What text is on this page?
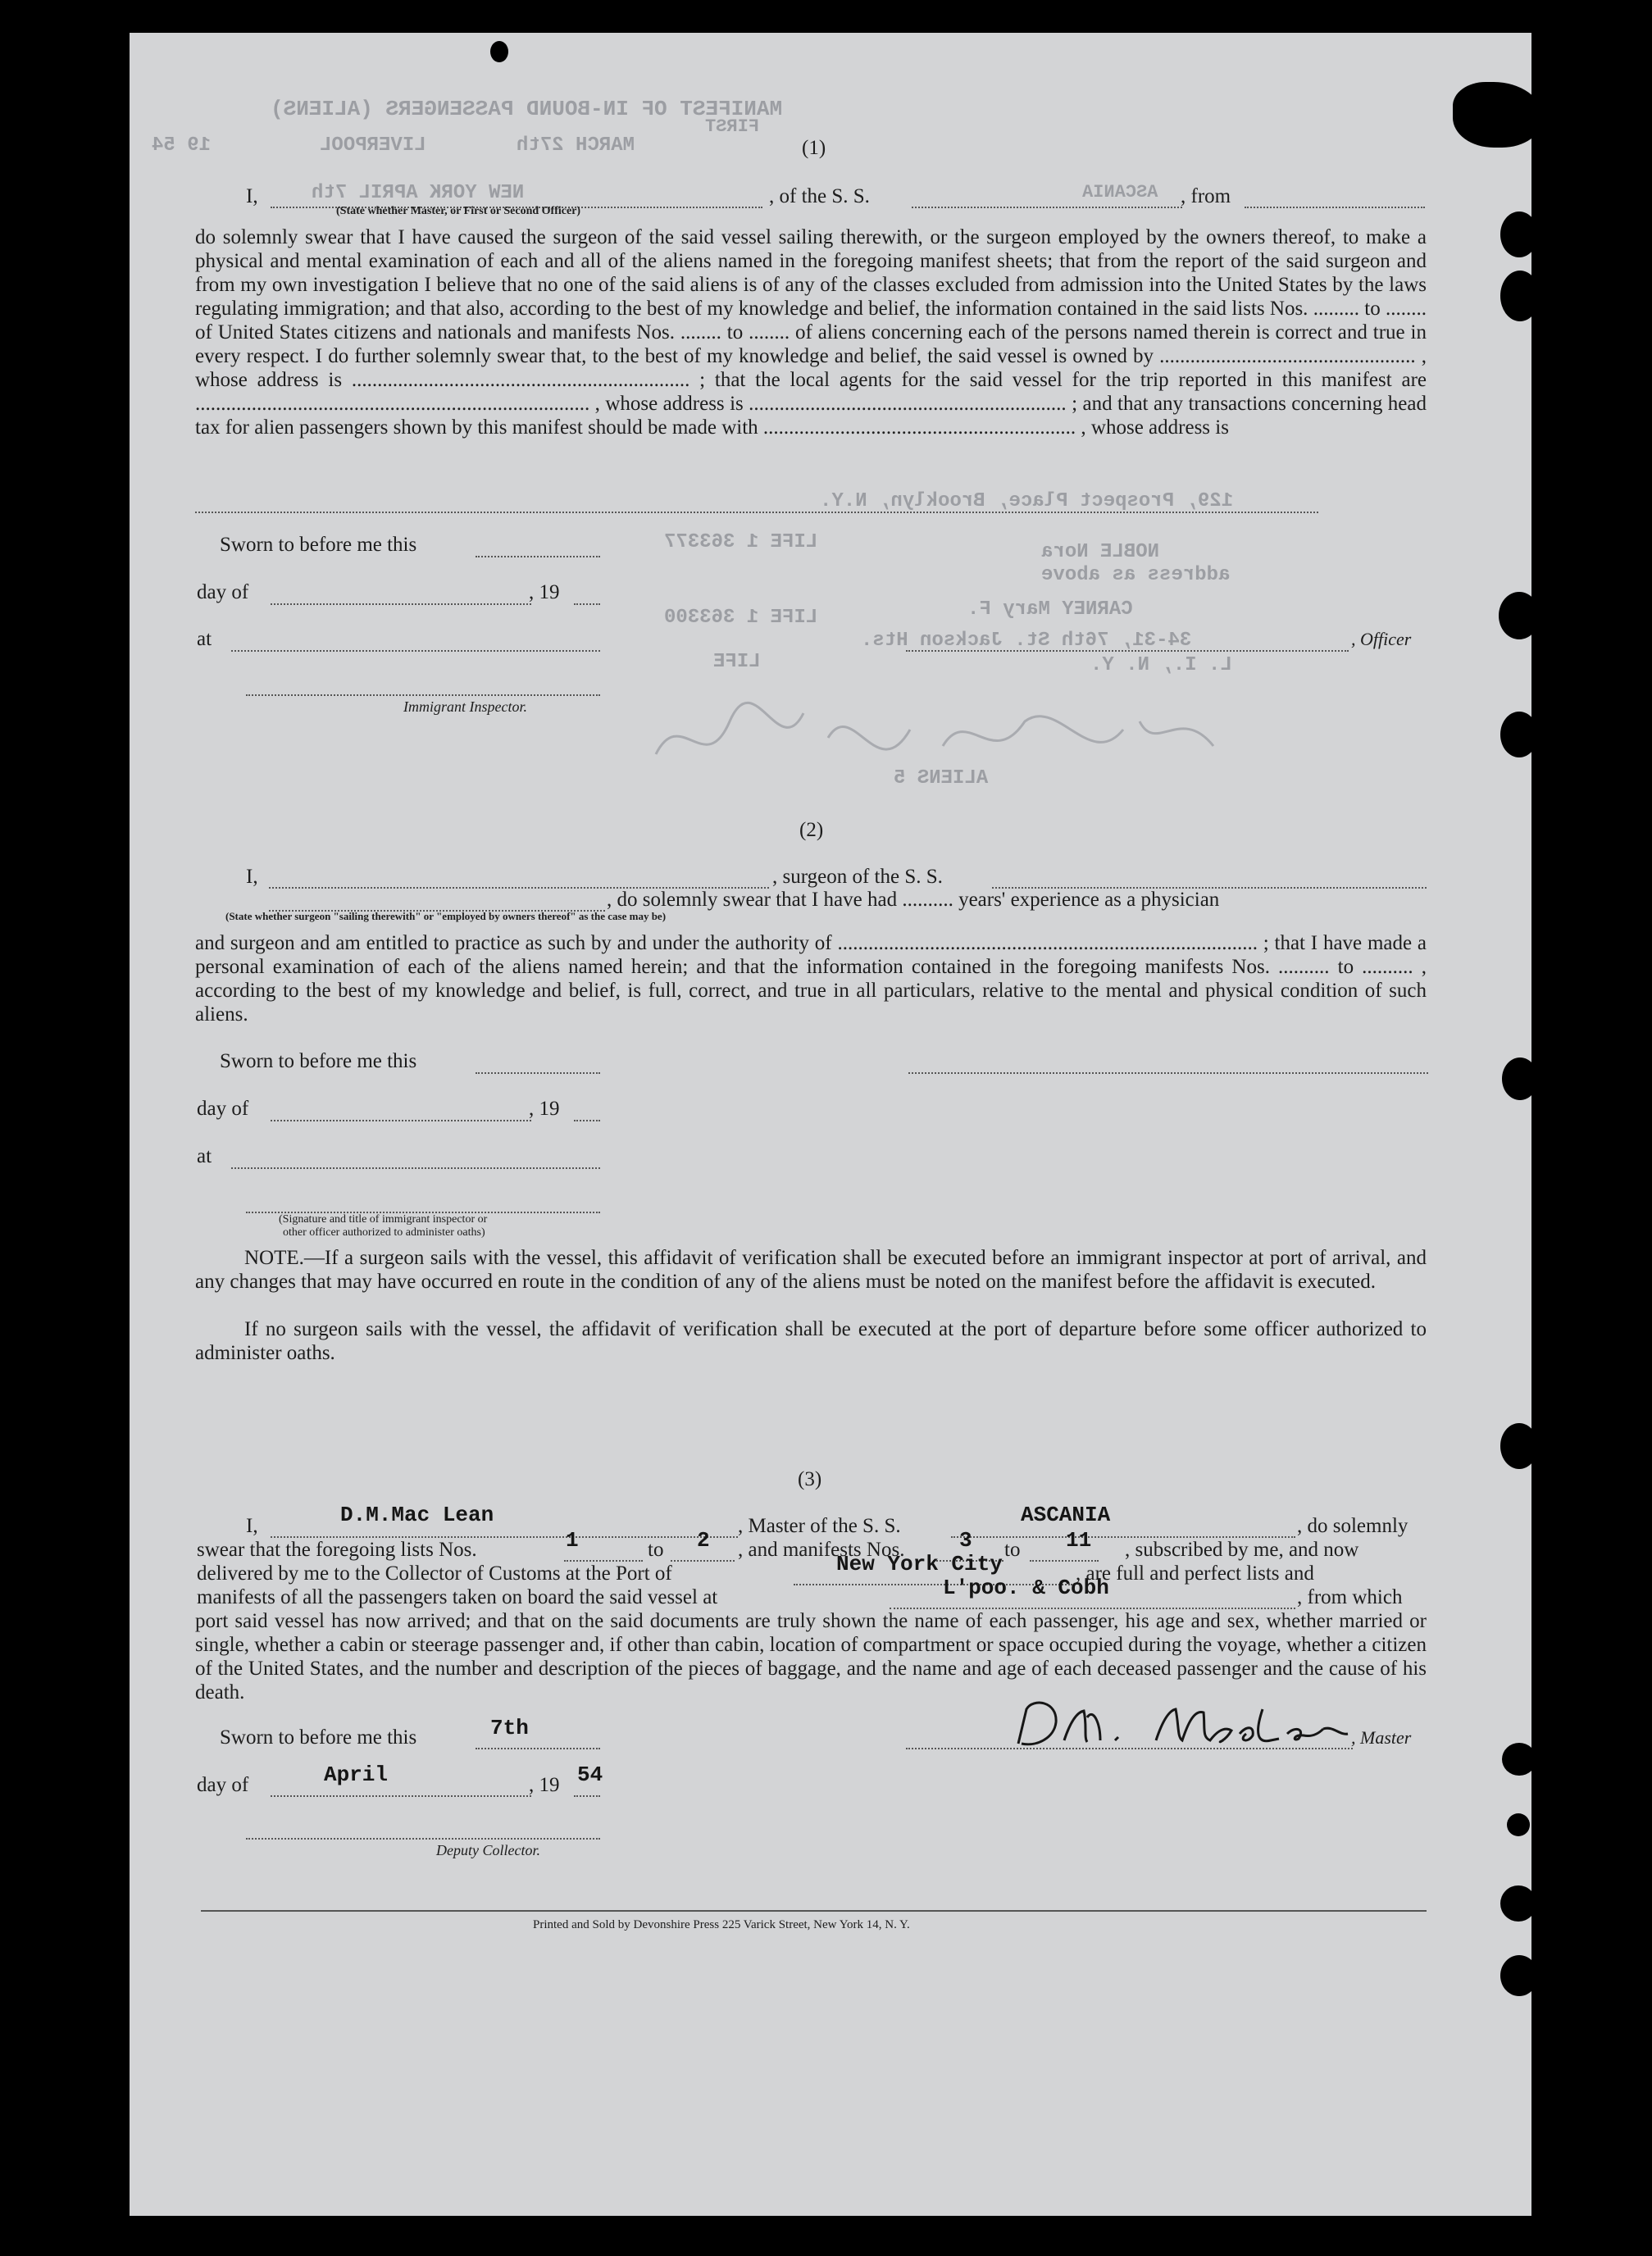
MANIFEST OF IN-BOUND PASSENGERS (ALIENS)
FIRST
LIVERPOOL	MARCH 27th
19 54	(1)
I,	NEW YORK APRIL 7th	, of the S. S.	ASCANIA , from
(State whether Master, or First or Second Officer)
do solemnly swear that I have caused the surgeon of the said vessel sailing therewith, or the surgeon employed by the owners thereof, to make a physical and mental examination of each and all of the aliens named in the foregoing manifest sheets; that from the report of the said surgeon and from my own investigation I believe that no one of the said aliens is of any of the classes excluded from admission into the United States by the laws regulating immigration; and that also, according to the best of my knowledge and belief, the information contained in the said lists Nos. ......... to ........ of United States citizens and nationals and manifests Nos. ........ to ........ of aliens concerning each of the persons named therein is correct and true in every respect. I do further solemnly swear that, to the best of my knowledge and belief, the said vessel is owned by .................................................. , whose address is .................................................................. ; that the local agents for the said vessel for the trip reported in this manifest are ............................................................................. , whose address is .............................................................. ; and that any transactions concerning head tax for alien passengers shown by this manifest should be made with ............................................................. , whose address is
129, Prospect Place, Brooklyn, N.Y.
LIFE 1 363377	NOBLE Nora
address as above
LIFE 1 363300	CARNEY Mary F.
34-31, 76th St. Jackson Hts.
L. I., N. Y.
LIFE
ALIENS 5
Sworn to before me this
day of	, 19
at	, Officer
Immigrant Inspector.
(2)
I,	, surgeon of the S. S.
, do solemnly swear that I have had .......... years' experience as a physician
(State whether surgeon "sailing therewith" or "employed by owners thereof" as the case may be)
and surgeon and am entitled to practice as such by and under the authority of .................................................................................. ; that I have made a personal examination of each of the aliens named herein; and that the information contained in the foregoing manifests Nos. .......... to .......... , according to the best of my knowledge and belief, is full, correct, and true in all particulars, relative to the mental and physical condition of such aliens.
Sworn to before me this
day of	, 19
at
(Signature and title of immigrant inspector or
other officer authorized to administer oaths)
NOTE.—If a surgeon sails with the vessel, this affidavit of verification shall be executed before an immigrant inspector at port of arrival, and any changes that may have occurred en route in the condition of any of the aliens must be noted on the manifest before the affidavit is executed.
If no surgeon sails with the vessel, the affidavit of verification shall be executed at the port of departure before some officer authorized to administer oaths.
(3)
I,	D.M.Mac Lean	, Master of the S. S.	ASCANIA	, do solemnly
swear that the foregoing lists Nos.	1	to 2 , and manifests Nos.	3 to 11 , subscribed by me, and now
delivered by me to the Collector of Customs at the Port of	New York City	, are full and perfect lists and
manifests of all the passengers taken on board the said vessel at	L'poo. & Cobh	, from which
port said vessel has now arrived; and that on the said documents are truly shown the name of each passenger, his age and sex, whether married or single, whether a cabin or steerage passenger and, if other than cabin, location of compartment or space occupied during the voyage, whether a citizen of the United States, and the number and description of the pieces of baggage, and the name and age of each deceased passenger and the cause of his death.
Sworn to before me this	7th	, Master
day of	April	, 19 54
Deputy Collector.
Printed and Sold by Devonshire Press 225 Varick Street, New York 14, N. Y.
